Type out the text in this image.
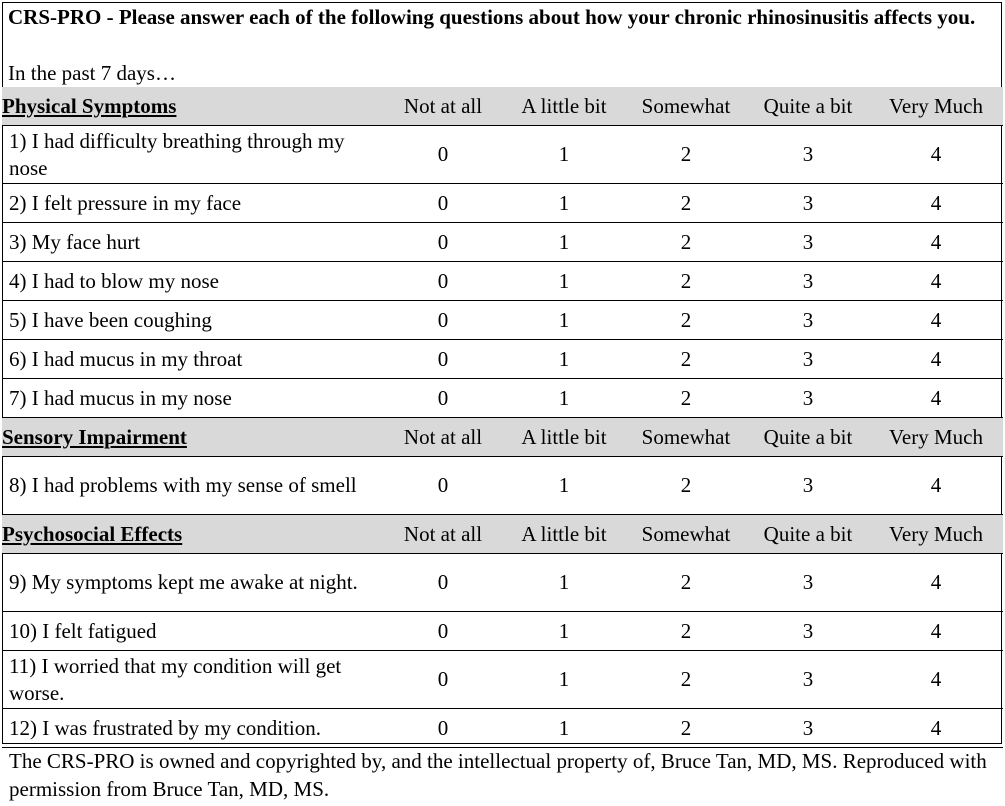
CRS-PRO - Please answer each of the following questions about how your chronic rhinosinusitis affects you.
In the past 7 days…
Physical Symptoms	Not at all	A little bit	Somewhat	Quite a bit	Very Much
1) I had difficulty breathing through my nose	0	1	2	3	4
2) I felt pressure in my face	0	1	2	3	4
3) My face hurt	0	1	2	3	4
4) I had to blow my nose	0	1	2	3	4
5) I have been coughing	0	1	2	3	4
6) I had mucus in my throat	0	1	2	3	4
7) I had mucus in my nose	0	1	2	3	4
Sensory Impairment	Not at all	A little bit	Somewhat	Quite a bit	Very Much
8) I had problems with my sense of smell	0	1	2	3	4
Psychosocial Effects	Not at all	A little bit	Somewhat	Quite a bit	Very Much
9) My symptoms kept me awake at night.	0	1	2	3	4
10) I felt fatigued	0	1	2	3	4
11) I worried that my condition will get worse.	0	1	2	3	4
12) I was frustrated by my condition.	0	1	2	3	4
The CRS-PRO is owned and copyrighted by, and the intellectual property of, Bruce Tan, MD, MS. Reproduced with permission from Bruce Tan, MD, MS.
